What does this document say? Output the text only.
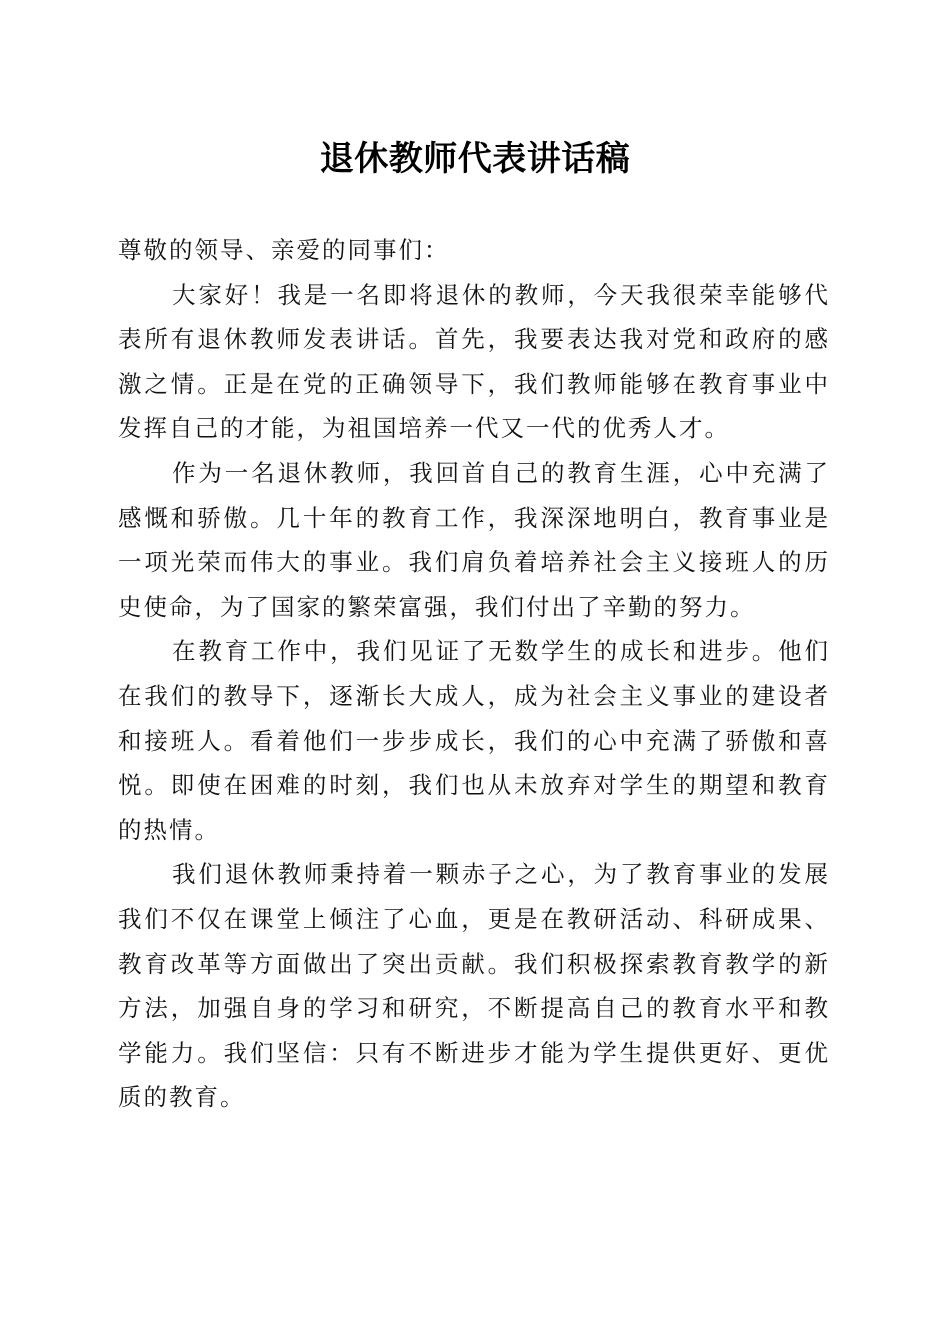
退休教师代表讲话稿

尊敬的领导、亲爱的同事们：

大家好！我是一名即将退休的教师，今天我很荣幸能够代表所有退休教师发表讲话。首先，我要表达我对党和政府的感激之情。正是在党的正确领导下，我们教师能够在教育事业中发挥自己的才能，为祖国培养一代又一代的优秀人才。

作为一名退休教师，我回首自己的教育生涯，心中充满了感慨和骄傲。几十年的教育工作，我深深地明白，教育事业是一项光荣而伟大的事业。我们肩负着培养社会主义接班人的历史使命，为了国家的繁荣富强，我们付出了辛勤的努力。

在教育工作中，我们见证了无数学生的成长和进步。他们在我们的教导下，逐渐长大成人，成为社会主义事业的建设者和接班人。看着他们一步步成长，我们的心中充满了骄傲和喜悦。即使在困难的时刻，我们也从未放弃对学生的期望和教育的热情。

我们退休教师秉持着一颗赤子之心，为了教育事业的发展我们不仅在课堂上倾注了心血，更是在教研活动、科研成果、教育改革等方面做出了突出贡献。我们积极探索教育教学的新方法，加强自身的学习和研究，不断提高自己的教育水平和教学能力。我们坚信：只有不断进步才能为学生提供更好、更优质的教育。
